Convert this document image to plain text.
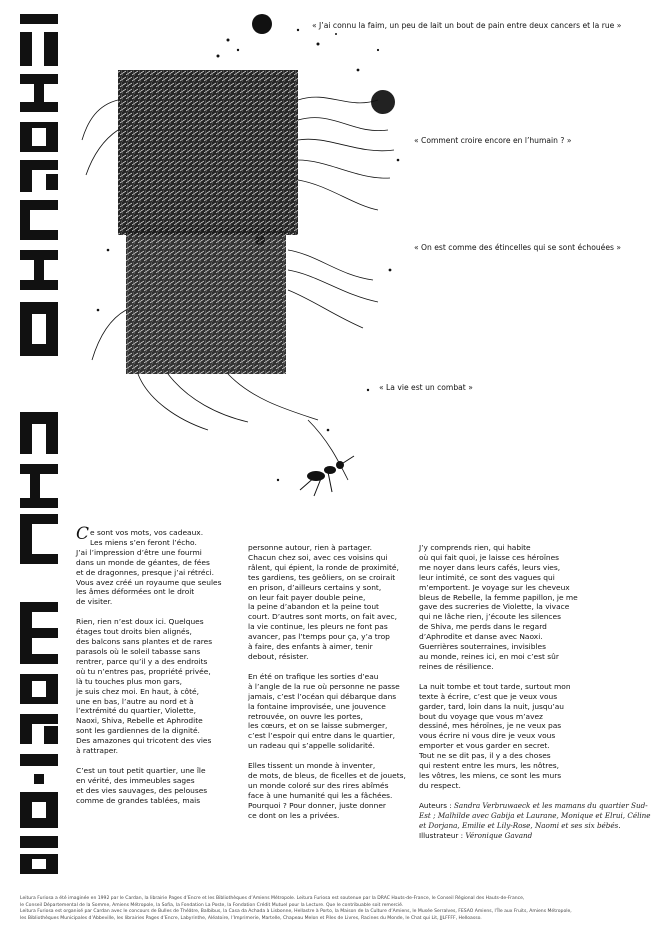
« J’ai connu la faim, un peu de lait un bout de pain entre deux cancers et la rue »
« Comment croire encore en l’humain ? »
« On est comme des étincelles qui se sont échouées »
« La vie est un combat »

Ce sont vos mots, vos cadeaux.
Les miens s’en feront l’écho.
J’ai l’impression d’être une fourmi
dans un monde de géantes, de fées
et de dragonnes, presque j’ai rétréci.
Vous avez créé un royaume que seules
les âmes déformées ont le droit
de visiter.

Rien, rien n’est doux ici. Quelques
étages tout droits bien alignés,
des balcons sans plantes et de rares
parasols où le soleil tabasse sans
rentrer, parce qu’il y a des endroits
où tu n’entres pas, propriété privée,
là tu touches plus mon gars,
je suis chez moi. En haut, à côté,
une en bas, l’autre au nord et à
l’extrémité du quartier, Violette,
Naoxi, Shiva, Rebelle et Aphrodite
sont les gardiennes de la dignité.
Des amazones qui tricotent des vies
à rattraper.

C’est un tout petit quartier, une île
en vérité, des immeubles sages
et des vies sauvages, des pelouses
comme de grandes tablées, mais

personne autour, rien à partager.
Chacun chez soi, avec ces voisins qui
râlent, qui épient, la ronde de proximité,
tes gardiens, tes geôliers, on se croirait
en prison, d’ailleurs certains y sont,
on leur fait payer double peine,
la peine d’abandon et la peine tout
court. D’autres sont morts, on fait avec,
la vie continue, les pleurs ne font pas
avancer, pas l’temps pour ça, y’a trop
à faire, des enfants à aimer, tenir
debout, résister.

En été on trafique les sorties d’eau
à l’angle de la rue où personne ne passe
jamais, c’est l’océan qui débarque dans
la fontaine improvisée, une jouvence
retrouvée, on ouvre les portes,
les cœurs, et on se laisse submerger,
c’est l’espoir qui entre dans le quartier,
un radeau qui s’appelle solidarité.

Elles tissent un monde à inventer,
de mots, de bleus, de ficelles et de jouets,
un monde coloré sur des rires abîmés
face à une humanité qui les a fâchées.
Pourquoi ? Pour donner, juste donner
ce dont on les a privées.

J’y comprends rien, qui habite
où qui fait quoi, je laisse ces héroïnes
me noyer dans leurs cafés, leurs vies,
leur intimité, ce sont des vagues qui
m’emportent. Je voyage sur les cheveux
bleus de Rebelle, la femme papillon, je me
gave des sucreries de Violette, la vivace
qui ne lâche rien, j’écoute les silences
de Shiva, me perds dans le regard
d’Aphrodite et danse avec Naoxi.
Guerrières souterraines, invisibles
au monde, reines ici, en moi c’est sûr
reines de résilience.

La nuit tombe et tout tarde, surtout mon
texte à écrire, c’est que je veux vous
garder, tard, loin dans la nuit, jusqu’au
bout du voyage que vous m’avez
dessiné, mes héroïnes, je ne veux pas
vous écrire ni vous dire je veux vous
emporter et vous garder en secret.
Tout ne se dit pas, il y a des choses
qui restent entre les murs, les nôtres,
les vôtres, les miens, ce sont les murs
du respect.

Auteurs : Sandra Verbruwaeck et les mamans du quartier Sud-Est ; Malhilde avec Gabija et Laurane, Monique et Elrui, Céline et Dorjana, Emilie et Lily-Rose, Naomi et ses six bébés.
Illustrateur : Véronique Gavand
Leitura Furiosa a été imaginée en 1992 par le Cardan, la librairie Pages d’Encre et les Bibliothèques d’Amiens Métropole. Leitura Furiosa est soutenue par la DRAC Hauts-de-France, le Conseil Régional des Hauts-de-France,
le Conseil Départemental de la Somme, Amiens Métropole, la Sofia, la Fondation La Poste, la Fondation Crédit Mutuel pour la Lecture. Que le contribuable soit remercié.
Leitura Furiosa est organisé par Cardan avec le concours de Bulles de Théâtre, Balbibus, la Casa da Achada à Lisbonne, Hellastre à Porto, la Maison de la Culture d’Amiens, le Musée Serralves, FESAO Amiens, l’Île aux Fruits, Amiens Métropole,
les Bibliothèques Municipales d’Abbeville, les librairies Pages d’Encre, Labyrinthe, Aléatoire, l’Imprimerie, Martelle, Chapeau Melon et Piles de Livres, Racines du Monde, le Chat qui Lit, JJLFFFF, Helloasso.
